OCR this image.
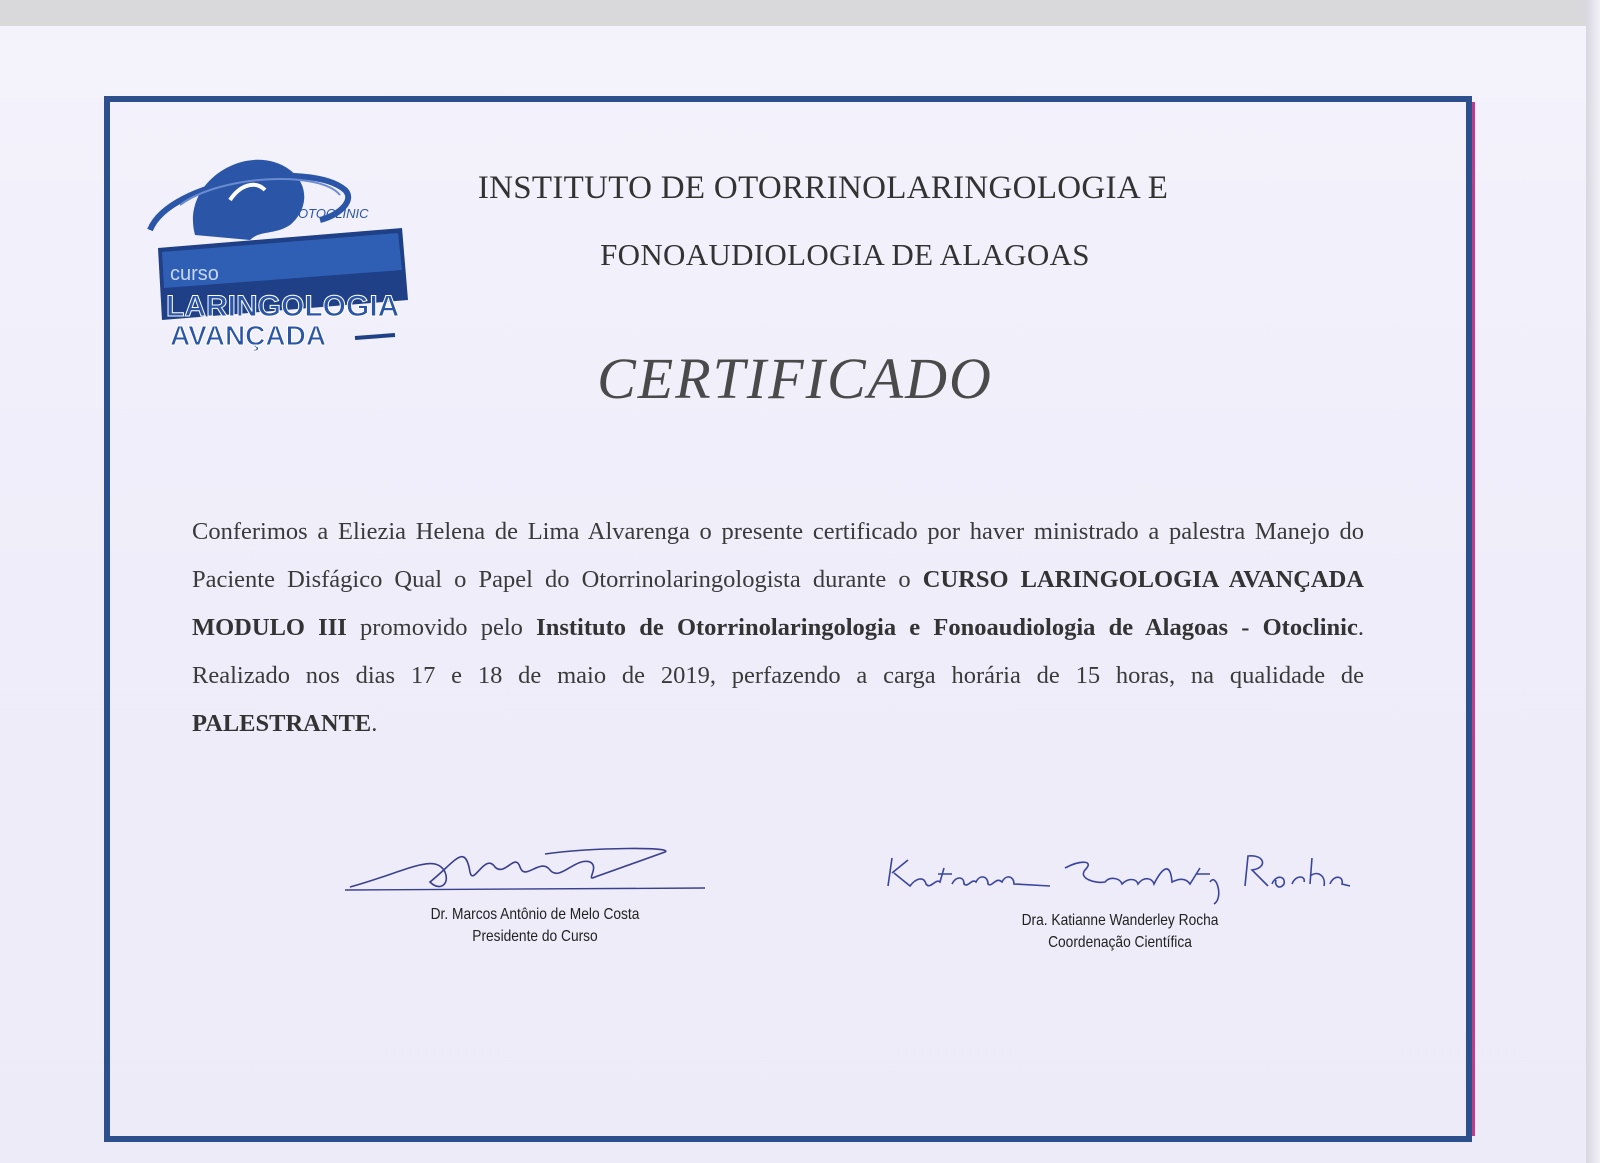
OTOCLINIC
curso
LARINGOLOGIA
AVANÇADA
INSTITUTO DE OTORRINOLARINGOLOGIA E
FONOAUDIOLOGIA DE ALAGOAS
CERTIFICADO
Conferimos a Eliezia Helena de Lima Alvarenga o presente certificado por haver ministrado a palestra Manejo do Paciente Disfágico Qual o Papel do Otorrinolaringologista durante o CURSO LARINGOLOGIA AVANÇADA MODULO III promovido pelo Instituto de Otorrinolaringologia e Fonoaudiologia de Alagoas - Otoclinic. Realizado nos dias 17 e 18 de maio de 2019, perfazendo a carga horária de 15 horas, na qualidade de PALESTRANTE.
Dr. Marcos Antônio de Melo Costa
Presidente do Curso
Dra. Katianne Wanderley Rocha
Coordenação Científica
